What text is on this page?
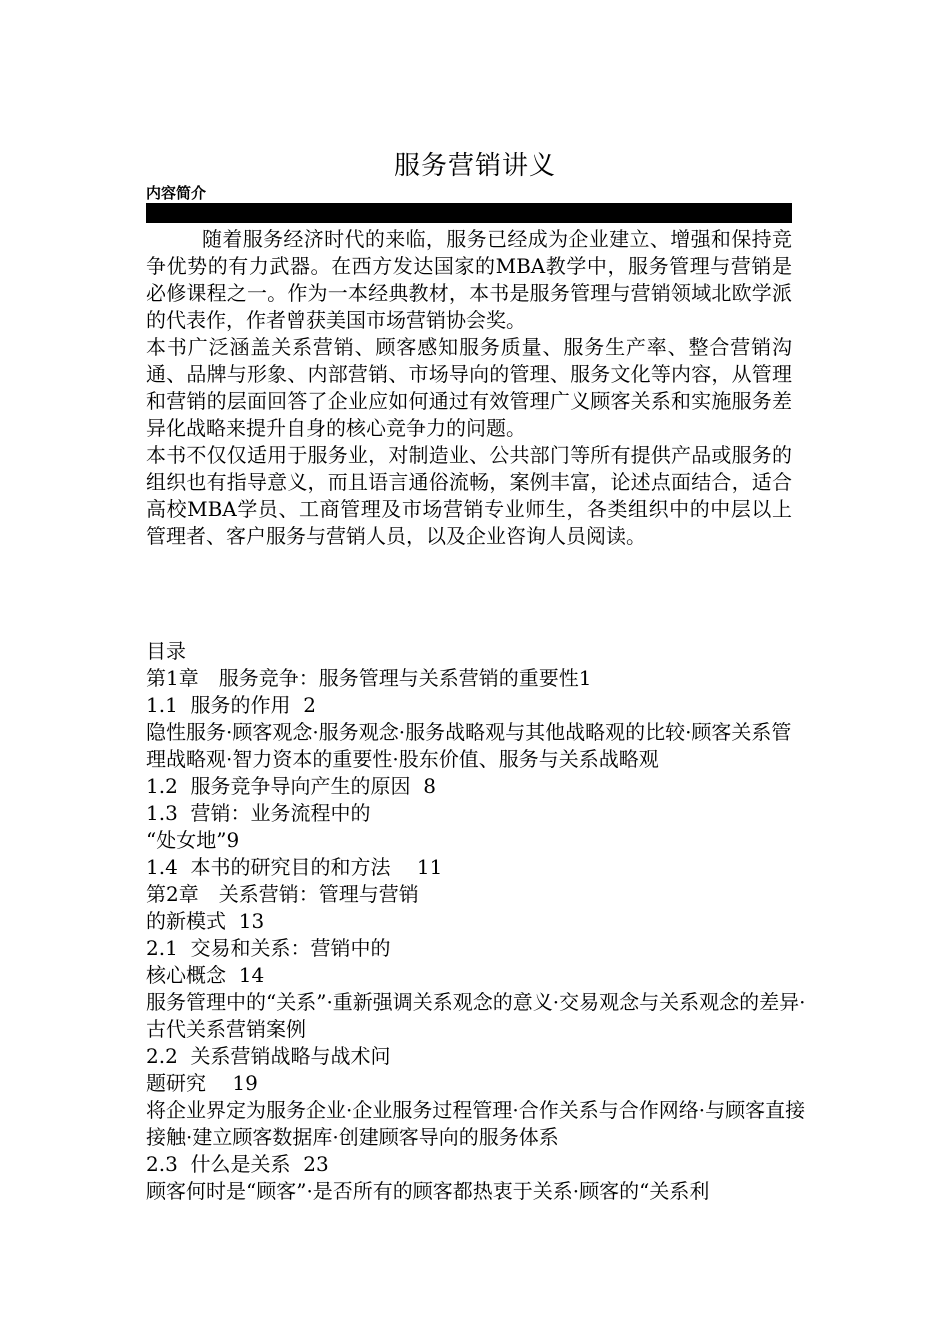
服务营销讲义
内容简介

随着服务经济时代的来临，服务已经成为企业建立、增强和保持竞争优势的有力武器。在西方发达国家的MBA教学中，服务管理与营销是必修课程之一。作为一本经典教材，本书是服务管理与营销领域北欧学派的代表作，作者曾获美国市场营销协会奖。

本书广泛涵盖关系营销、顾客感知服务质量、服务生产率、整合营销沟通、品牌与形象、内部营销、市场导向的管理、服务文化等内容，从管理和营销的层面回答了企业应如何通过有效管理广义顾客关系和实施服务差异化战略来提升自身的核心竞争力的问题。

本书不仅仅适用于服务业，对制造业、公共部门等所有提供产品或服务的组织也有指导意义，而且语言通俗流畅，案例丰富，论述点面结合，适合高校MBA学员、工商管理及市场营销专业师生，各类组织中的中层以上管理者、客户服务与营销人员，以及企业咨询人员阅读。

目录
第1章　服务竞争：服务管理与关系营销的重要性1
1.1  服务的作用  2
隐性服务·顾客观念·服务观念·服务战略观与其他战略观的比较·顾客关系管理战略观·智力资本的重要性·股东价值、服务与关系战略观
1.2  服务竞争导向产生的原因  8
1.3  营销：业务流程中的
“处女地”9
1.4  本书的研究目的和方法　 11
第2章　关系营销：管理与营销
的新模式  13
2.1  交易和关系：营销中的
核心概念  14
服务管理中的“关系”·重新强调关系观念的意义·交易观念与关系观念的差异·古代关系营销案例
2.2  关系营销战略与战术问
题研究　 19
将企业界定为服务企业·企业服务过程管理·合作关系与合作网络·与顾客直接接触·建立顾客数据库·创建顾客导向的服务体系
2.3  什么是关系  23
顾客何时是“顾客”·是否所有的顾客都热衷于关系·顾客的“关系利
